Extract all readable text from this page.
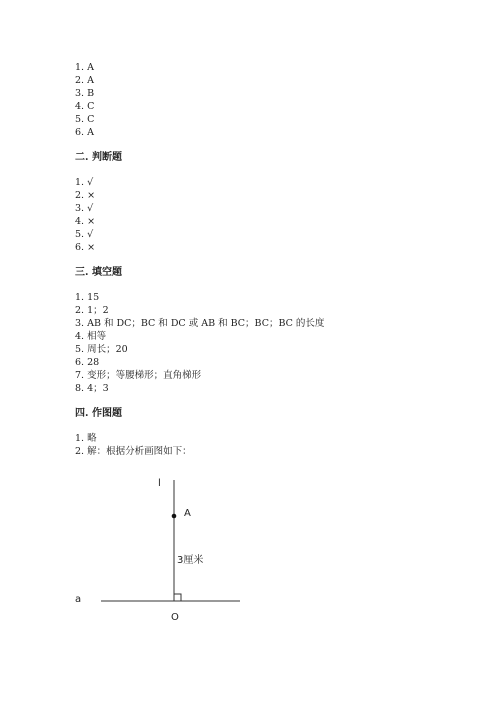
1. A
2. A
3. B
4. C
5. C
6. A
二. 判断题
1. √
2. ×
3. √
4. ×
5. √
6. ×
三. 填空题
1. 15
2. 1；2
3. AB 和 DC；BC 和 DC 或 AB 和 BC；BC；BC 的长度
4. 相等
5. 周长；20
6. 28
7. 变形；等腰梯形；直角梯形
8. 4；3
四. 作图题
1. 略
2. 解：根据分析画图如下：
l
A
3厘米
a
O
